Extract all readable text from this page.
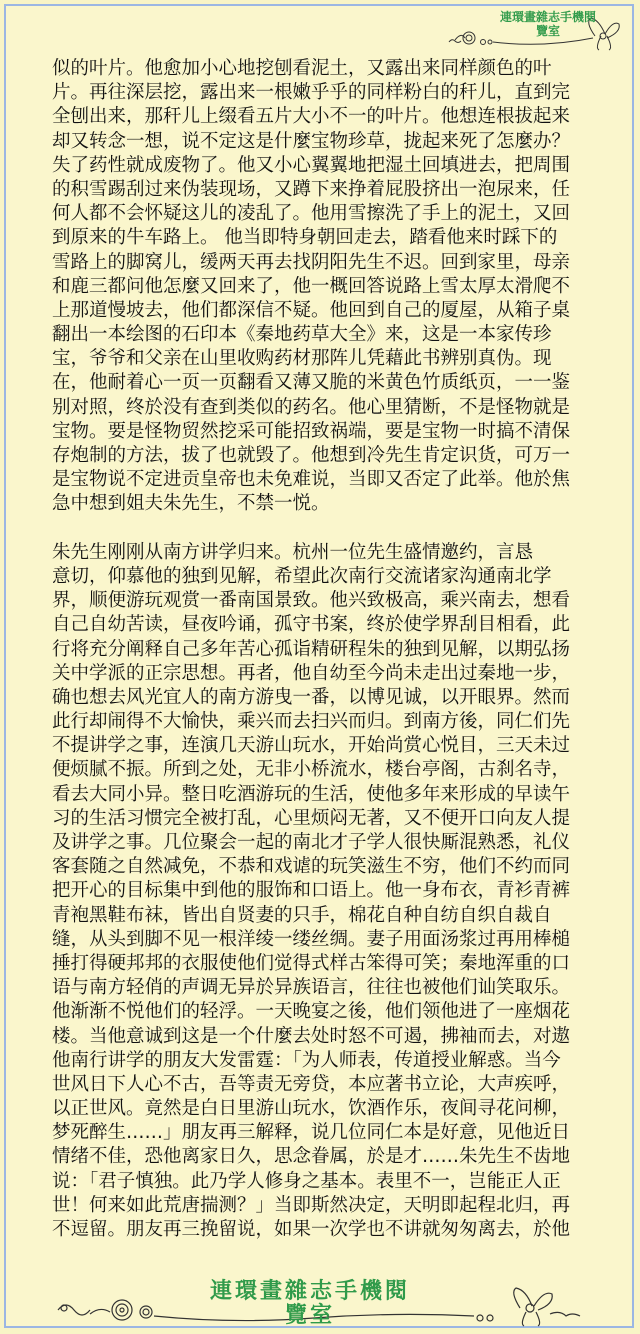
連環畫雜志手機閱
覽室
似的叶片。他愈加小心地挖刨看泥土，又露出来同样颜色的叶
片。再往深层挖，露出来一根嫩乎乎的同样粉白的秆儿，直到完
全刨出来，那秆儿上缀看五片大小不一的叶片。他想连根拔起来
却又转念一想，说不定这是什麼宝物珍草，拢起来死了怎麼办？
失了药性就成废物了。他又小心翼翼地把湿土回填进去，把周围
的积雪踢刮过来伪装现场，又蹲下来挣着屁股挤出一泡尿来，任
何人都不会怀疑这儿的凌乱了。他用雪擦洗了手上的泥土，又回
到原来的牛车路上。 他当即特身朝回走去，踏看他来时踩下的
雪路上的脚窝儿，缓两天再去找阴阳先生不迟。回到家里，母亲
和鹿三都问他怎麼又回来了，他一概回答说路上雪太厚太滑爬不
上那道慢坡去，他们都深信不疑。他回到自己的厦屋，从箱子桌
翻出一本绘图的石印本《秦地药草大全》来，这是一本家传珍
宝，爷爷和父亲在山里收购药材那阵儿凭藉此书辨别真伪。现
在，他耐着心一页一页翻看又薄又脆的米黄色竹质纸页，一一鉴
别对照，终於没有查到类似的药名。他心里猜断，不是怪物就是
宝物。要是怪物贸然挖采可能招致祸端，要是宝物一时搞不清保
存炮制的方法，拔了也就毁了。他想到冷先生肯定识货，可万一
是宝物说不定进贡皇帝也未免难说，当即又否定了此举。他於焦
急中想到姐夫朱先生，不禁一悦。
朱先生刚刚从南方讲学归来。杭州一位先生盛情邀约，言恳
意切，仰慕他的独到见解，希望此次南行交流诸家沟通南北学
界，顺便游玩观赏一番南国景致。他兴致极高，乘兴南去，想看
自己自幼苦读，昼夜吟诵，孤守书案，终於使学界刮目相看，此
行将充分阐释自己多年苦心孤诣精研程朱的独到见解，以期弘扬
关中学派的正宗思想。再者，他自幼至今尚未走出过秦地一步，
确也想去风光宜人的南方游曳一番，以博见诚，以开眼界。然而
此行却闹得不大愉快，乘兴而去扫兴而归。到南方後，同仁们先
不提讲学之事，连演几天游山玩水，开始尚赏心悦目，三天未过
便烦腻不振。所到之处，无非小桥流水，楼台亭阁，古刹名寺，
看去大同小异。整日吃酒游玩的生活，使他多年来形成的早读午
习的生活习惯完全被打乱，心里烦闷无著，又不便开口向友人提
及讲学之事。几位聚会一起的南北才子学人很快厮混熟悉，礼仪
客套随之自然减免，不恭和戏谑的玩笑滋生不穷，他们不约而同
把开心的目标集中到他的服饰和口语上。他一身布衣，青衫青裤
青袍黑鞋布袜，皆出自贤妻的只手，棉花自种自纺自织自裁自
缝，从头到脚不见一根洋绫一缕丝绸。妻子用面汤浆过再用棒槌
捶打得硬邦邦的衣服使他们觉得式样古笨得可笑；秦地浑重的口
语与南方轻俏的声调无异於异族语言，往往也被他们讪笑取乐。
他渐渐不悦他们的轻浮。一天晚宴之後，他们领他进了一座烟花
楼。当他意诚到这是一个什麼去处时怒不可遏，拂袖而去，对遨
他南行讲学的朋友大发雷霆：「为人师表，传道授业解惑。当今
世风日下人心不古，吾等责无旁贷，本应著书立论，大声疾呼，
以正世风。竟然是白日里游山玩水，饮酒作乐，夜间寻花问柳，
梦死醉生……」朋友再三解释，说几位同仁本是好意，见他近日
情绪不佳，恐他离家日久，思念眷属，於是才……朱先生不齿地
说：「君子慎独。此乃学人修身之基本。表里不一，岂能正人正
世！何来如此荒唐揣测？」当即斯然决定，天明即起程北归，再
不逗留。朋友再三挽留说，如果一次学也不讲就匆匆离去，於他
連環畫雜志手機閱
覽室
